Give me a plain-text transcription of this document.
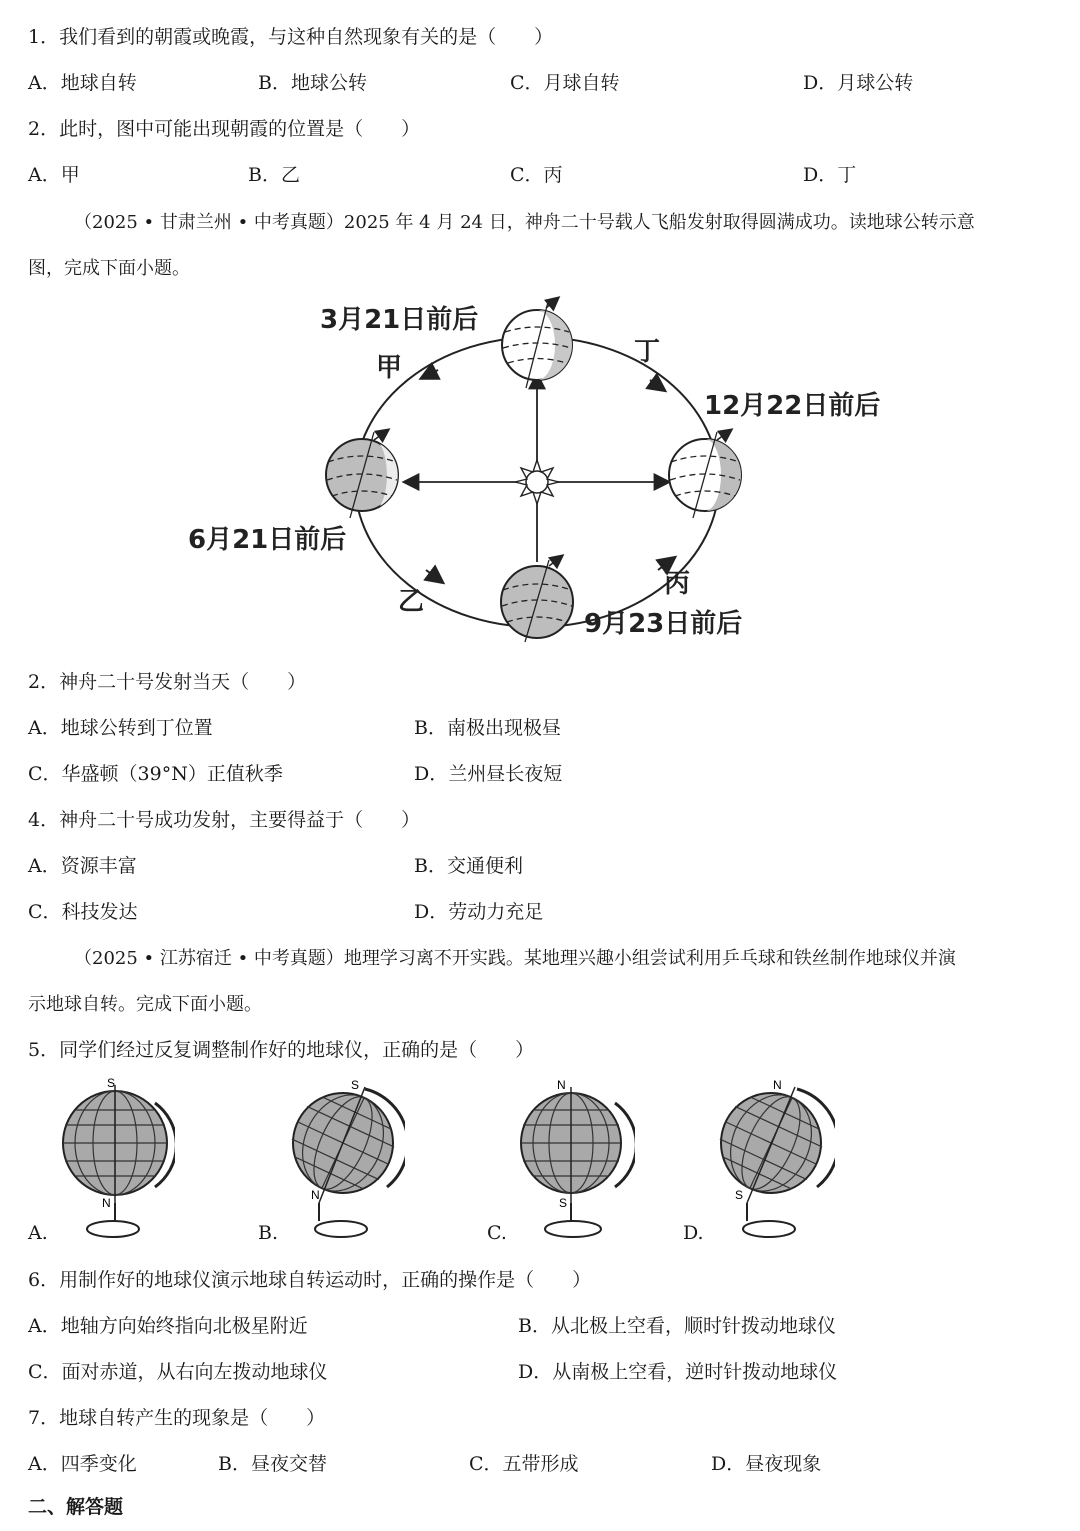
1．我们看到的朝霞或晚霞，与这种自然现象有关的是（　　）
A．地球自转	B．地球公转	C．月球自转	D．月球公转
2．此时，图中可能出现朝霞的位置是（　　）
A．甲	B．乙	C．丙	D．丁
（2025 • 甘肃兰州 • 中考真题）2025 年 4 月 24 日，神舟二十号载人飞船发射取得圆满成功。读地球公转示意
图，完成下面小题。
3月21日前后
12月22日前后
6月21日前后
9月23日前后
甲
乙
丙
丁
2．神舟二十号发射当天（　　）
A．地球公转到丁位置	B．南极出现极昼
C．华盛顿（39°N）正值秋季	D．兰州昼长夜短
4．神舟二十号成功发射，主要得益于（　　）
A．资源丰富	B．交通便利
C．科技发达	D．劳动力充足
（2025 • 江苏宿迁 • 中考真题）地理学习离不开实践。某地理兴趣小组尝试利用乒乓球和铁丝制作地球仪并演
示地球自转。完成下面小题。
5．同学们经过反复调整制作好的地球仪，正确的是（　　）
S
N
S
N
N
S
N
S
A.	B.	C.	D.
6．用制作好的地球仪演示地球自转运动时，正确的操作是（　　）
A．地轴方向始终指向北极星附近	B．从北极上空看，顺时针拨动地球仪
C．面对赤道，从右向左拨动地球仪	D．从南极上空看，逆时针拨动地球仪
7．地球自转产生的现象是（　　）
A．四季变化	B．昼夜交替	C．五带形成	D．昼夜现象
二、解答题
